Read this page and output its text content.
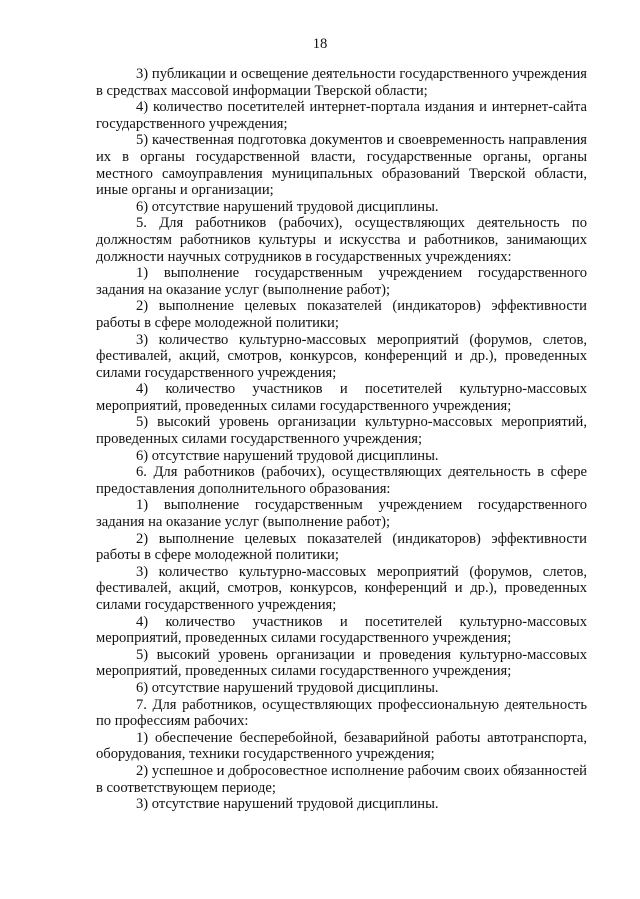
18

3) публикации и освещение деятельности государственного учреждения в средствах массовой информации Тверской области;

4) количество посетителей интернет-портала издания и интернет-сайта государственного учреждения;

5) качественная подготовка документов и своевременность направления их в органы государственной власти, государственные органы, органы местного самоуправления муниципальных образований Тверской области, иные органы и организации;

6) отсутствие нарушений трудовой дисциплины.

5. Для работников (рабочих), осуществляющих деятельность по должностям работников культуры и искусства и работников, занимающих должности научных сотрудников в государственных учреждениях:

1) выполнение государственным учреждением государственного задания на оказание услуг (выполнение работ);

2) выполнение целевых показателей (индикаторов) эффективности работы в сфере молодежной политики;

3) количество культурно-массовых мероприятий (форумов, слетов, фестивалей, акций, смотров, конкурсов, конференций и др.), проведенных силами государственного учреждения;

4) количество участников и посетителей культурно-массовых мероприятий, проведенных силами государственного учреждения;

5) высокий уровень организации культурно-массовых мероприятий, проведенных силами государственного учреждения;

6) отсутствие нарушений трудовой дисциплины.

6. Для работников (рабочих), осуществляющих деятельность в сфере предоставления дополнительного образования:

1) выполнение государственным учреждением государственного задания на оказание услуг (выполнение работ);

2) выполнение целевых показателей (индикаторов) эффективности работы в сфере молодежной политики;

3) количество культурно-массовых мероприятий (форумов, слетов, фестивалей, акций, смотров, конкурсов, конференций и др.), проведенных силами государственного учреждения;

4) количество участников и посетителей культурно-массовых мероприятий, проведенных силами государственного учреждения;

5) высокий уровень организации и проведения культурно-массовых мероприятий, проведенных силами государственного учреждения;

6) отсутствие нарушений трудовой дисциплины.

7. Для работников, осуществляющих профессиональную деятельность по профессиям рабочих:

1) обеспечение бесперебойной, безаварийной работы автотранспорта, оборудования, техники государственного учреждения;

2) успешное и добросовестное исполнение рабочим своих обязанностей в соответствующем периоде;

3) отсутствие нарушений трудовой дисциплины.
